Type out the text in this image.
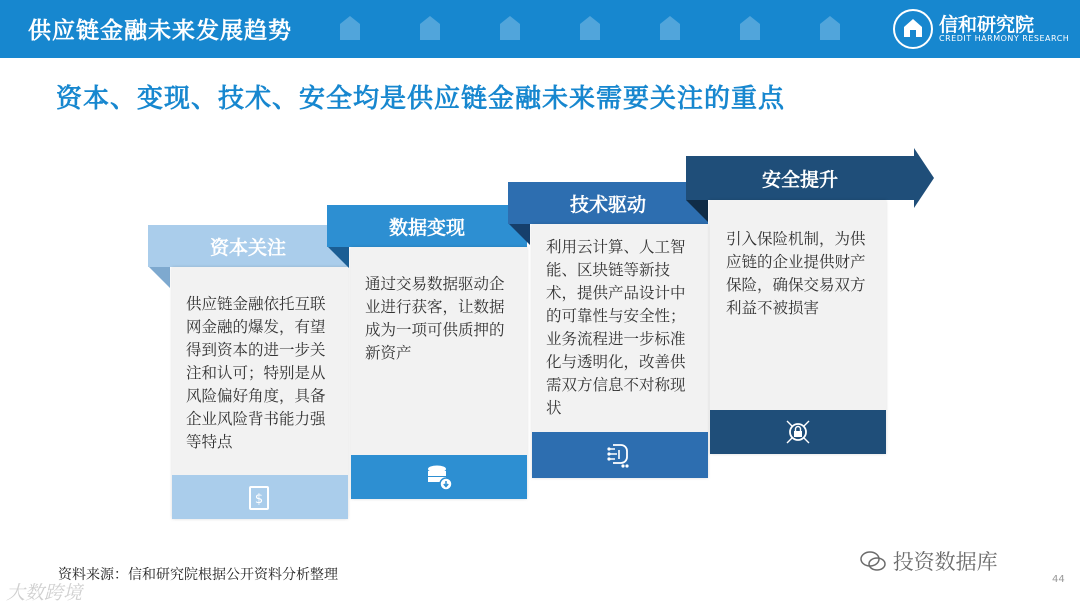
供应链金融未来发展趋势	信和研究院
CREDIT HARMONY RESEARCH
资本、变现、技术、安全均是供应链金融未来需要关注的重点
资本关注
供应链金融依托互联网金融的爆发，有望得到资本的进一步关注和认可；特别是从风险偏好角度，具备企业风险背书能力强等特点
$
数据变现
通过交易数据驱动企业进行获客，让数据成为一项可供质押的新资产
技术驱动
利用云计算、人工智能、区块链等新技术，提供产品设计中的可靠性与安全性；业务流程进一步标准化与透明化，改善供需双方信息不对称现状
安全提升
引入保险机制，为供应链的企业提供财产保险，确保交易双方利益不被损害
资料来源：信和研究院根据公开资料分析整理
投资数据库
44
大数跨境
